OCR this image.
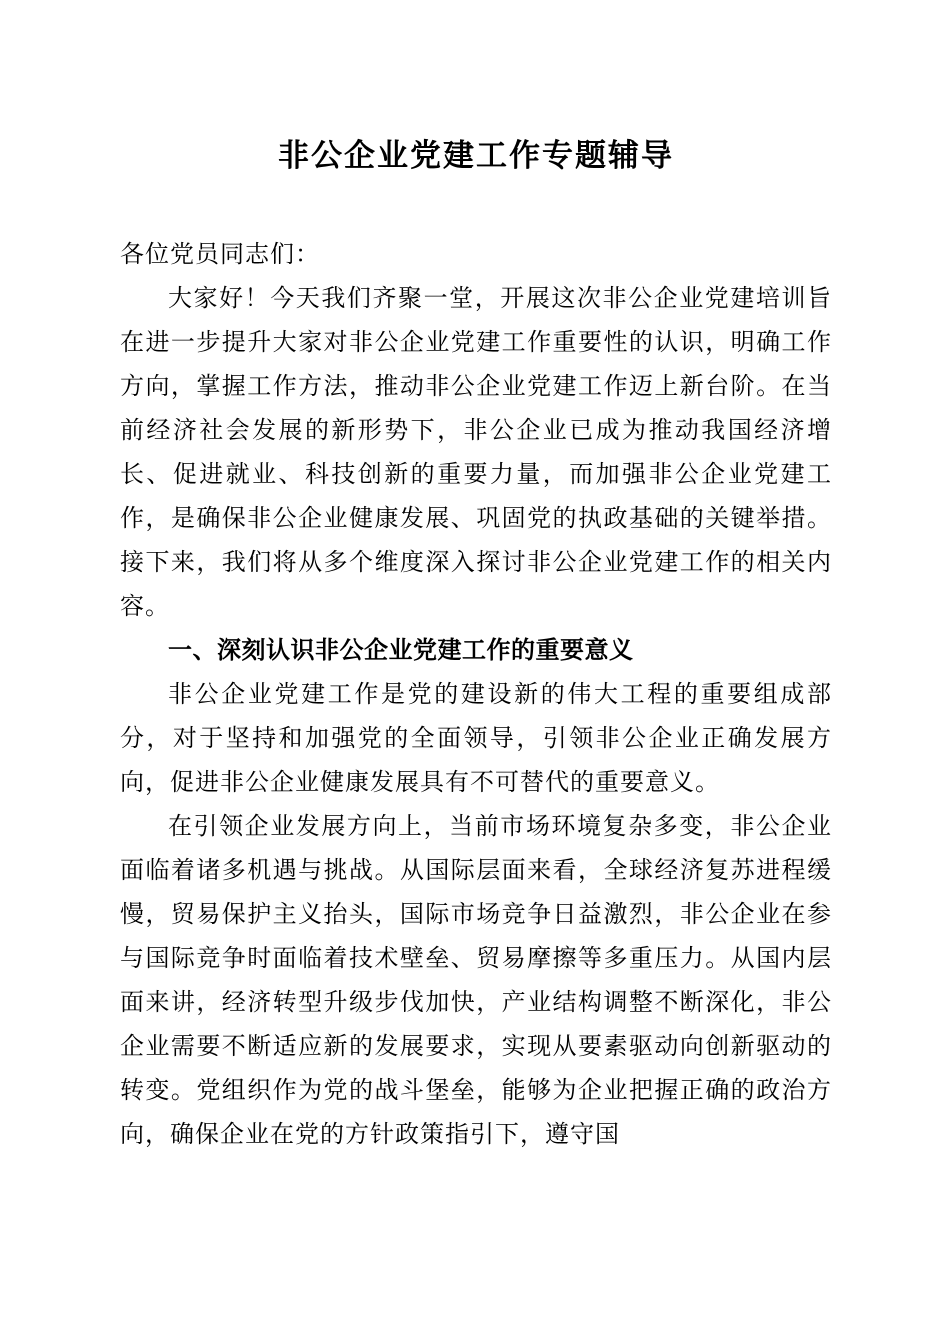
非公企业党建工作专题辅导

各位党员同志们：

大家好！今天我们齐聚一堂，开展这次非公企业党建培训旨在进一步提升大家对非公企业党建工作重要性的认识，明确工作方向，掌握工作方法，推动非公企业党建工作迈上新台阶。在当前经济社会发展的新形势下，非公企业已成为推动我国经济增长、促进就业、科技创新的重要力量，而加强非公企业党建工作，是确保非公企业健康发展、巩固党的执政基础的关键举措。接下来，我们将从多个维度深入探讨非公企业党建工作的相关内容。

一、深刻认识非公企业党建工作的重要意义

非公企业党建工作是党的建设新的伟大工程的重要组成部分，对于坚持和加强党的全面领导，引领非公企业正确发展方向，促进非公企业健康发展具有不可替代的重要意义。

在引领企业发展方向上，当前市场环境复杂多变，非公企业面临着诸多机遇与挑战。从国际层面来看，全球经济复苏进程缓慢，贸易保护主义抬头，国际市场竞争日益激烈，非公企业在参与国际竞争时面临着技术壁垒、贸易摩擦等多重压力。从国内层面来讲，经济转型升级步伐加快，产业结构调整不断深化，非公企业需要不断适应新的发展要求，实现从要素驱动向创新驱动的转变。党组织作为党的战斗堡垒，能够为企业把握正确的政治方向，确保企业在党的方针政策指引下，遵守国
